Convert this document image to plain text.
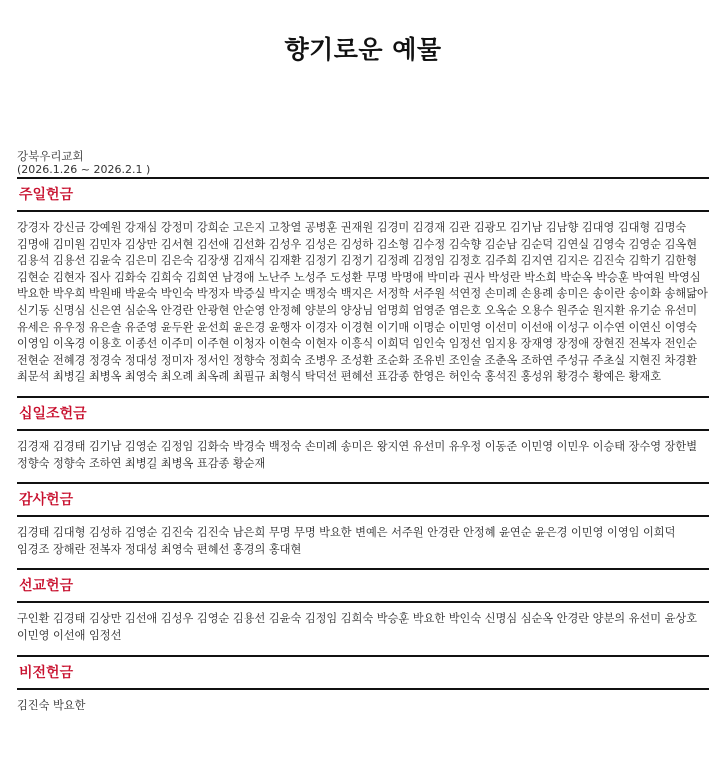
향기로운 예물
강북우리교회
(2026.1.26 ~ 2026.2.1 )
주일헌금
강경자 강신금 강예원 강재심 강정미 강희순 고은지 고창열 공병훈 권재원 김경미 김경재 김관 김광모 김기남 김남향 김대영 김대형 김명숙 김명애 김미원 김민자 김상만 김서현 김선애 김선화 김성우 김성은 김성하 김소형 김수정 김숙향 김순남 김순덕 김연실 김영숙 김영순 김옥현 김용석 김용선 김윤숙 김은미 김은숙 김장생 김재식 김재환 김정기 김정기 김정례 김정임 김정호 김주희 김지연 김지은 김진숙 김학기 김한형 김현순 김현자 집사 김화숙 김희숙 김희연 남경애 노난주 노성주 도성환 무명 박명애 박미라 권사 박성란 박소희 박순옥 박승훈 박여원 박영심 박요한 박우희 박원배 박윤숙 박인숙 박정자 박증실 박지순 백정숙 백지은 서정학 서주원 석연정 손미례 손용례 송미은 송이란 송이화 송해닮아 신기동 신명심 신은연 심순옥 안경란 안광현 안순영 안정혜 양분의 양상님 엄명희 엄영준 염은호 오옥순 오용수 원주순 원지환 유기순 유선미 유세은 유우정 유은솔 유준영 윤두완 윤선희 윤은경 윤행자 이경자 이경현 이기매 이명순 이민영 이선미 이선애 이성구 이수연 이연신 이영숙 이영임 이옥경 이용호 이종선 이주미 이주현 이청자 이현숙 이현자 이흥식 이희덕 임인숙 임정선 임지용 장재영 장정애 장현진 전복자 전인순 전현순 전혜경 정경숙 정대성 정미자 정서인 정향숙 정희숙 조병우 조성환 조순화 조유빈 조인술 조춘옥 조하연 주성규 주초실 지현진 차경환 최문석 최병길 최병옥 최영숙 최오례 최옥례 최필규 최형식 탁덕선 편혜선 표감종 한영은 허인숙 홍석진 홍성위 황경수 황예은 황재호
십일조헌금
김경재 김경태 김기남 김영순 김정임 김화숙 박경숙 백정숙 손미례 송미은 왕지연 유선미 유우정 이동준 이민영 이민우 이승태 장수영 장한별 정향숙 정향숙 조하연 최병길 최병옥 표감종 황순재
감사헌금
김경태 김대형 김성하 김영순 김진숙 김진숙 남은희 무명 무명 박요한 변예은 서주원 안경란 안정혜 윤연순 윤은경 이민영 이영임 이희덕 임경조 장해란 전복자 정대성 최영숙 편혜선 홍경의 홍대현
선교헌금
구인환 김경태 김상만 김선애 김성우 김영순 김용선 김윤숙 김정임 김희숙 박승훈 박요한 박인숙 신명심 심순옥 안경란 양분의 유선미 윤상호 이민영 이선애 임정선
비전헌금
김진숙 박요한
